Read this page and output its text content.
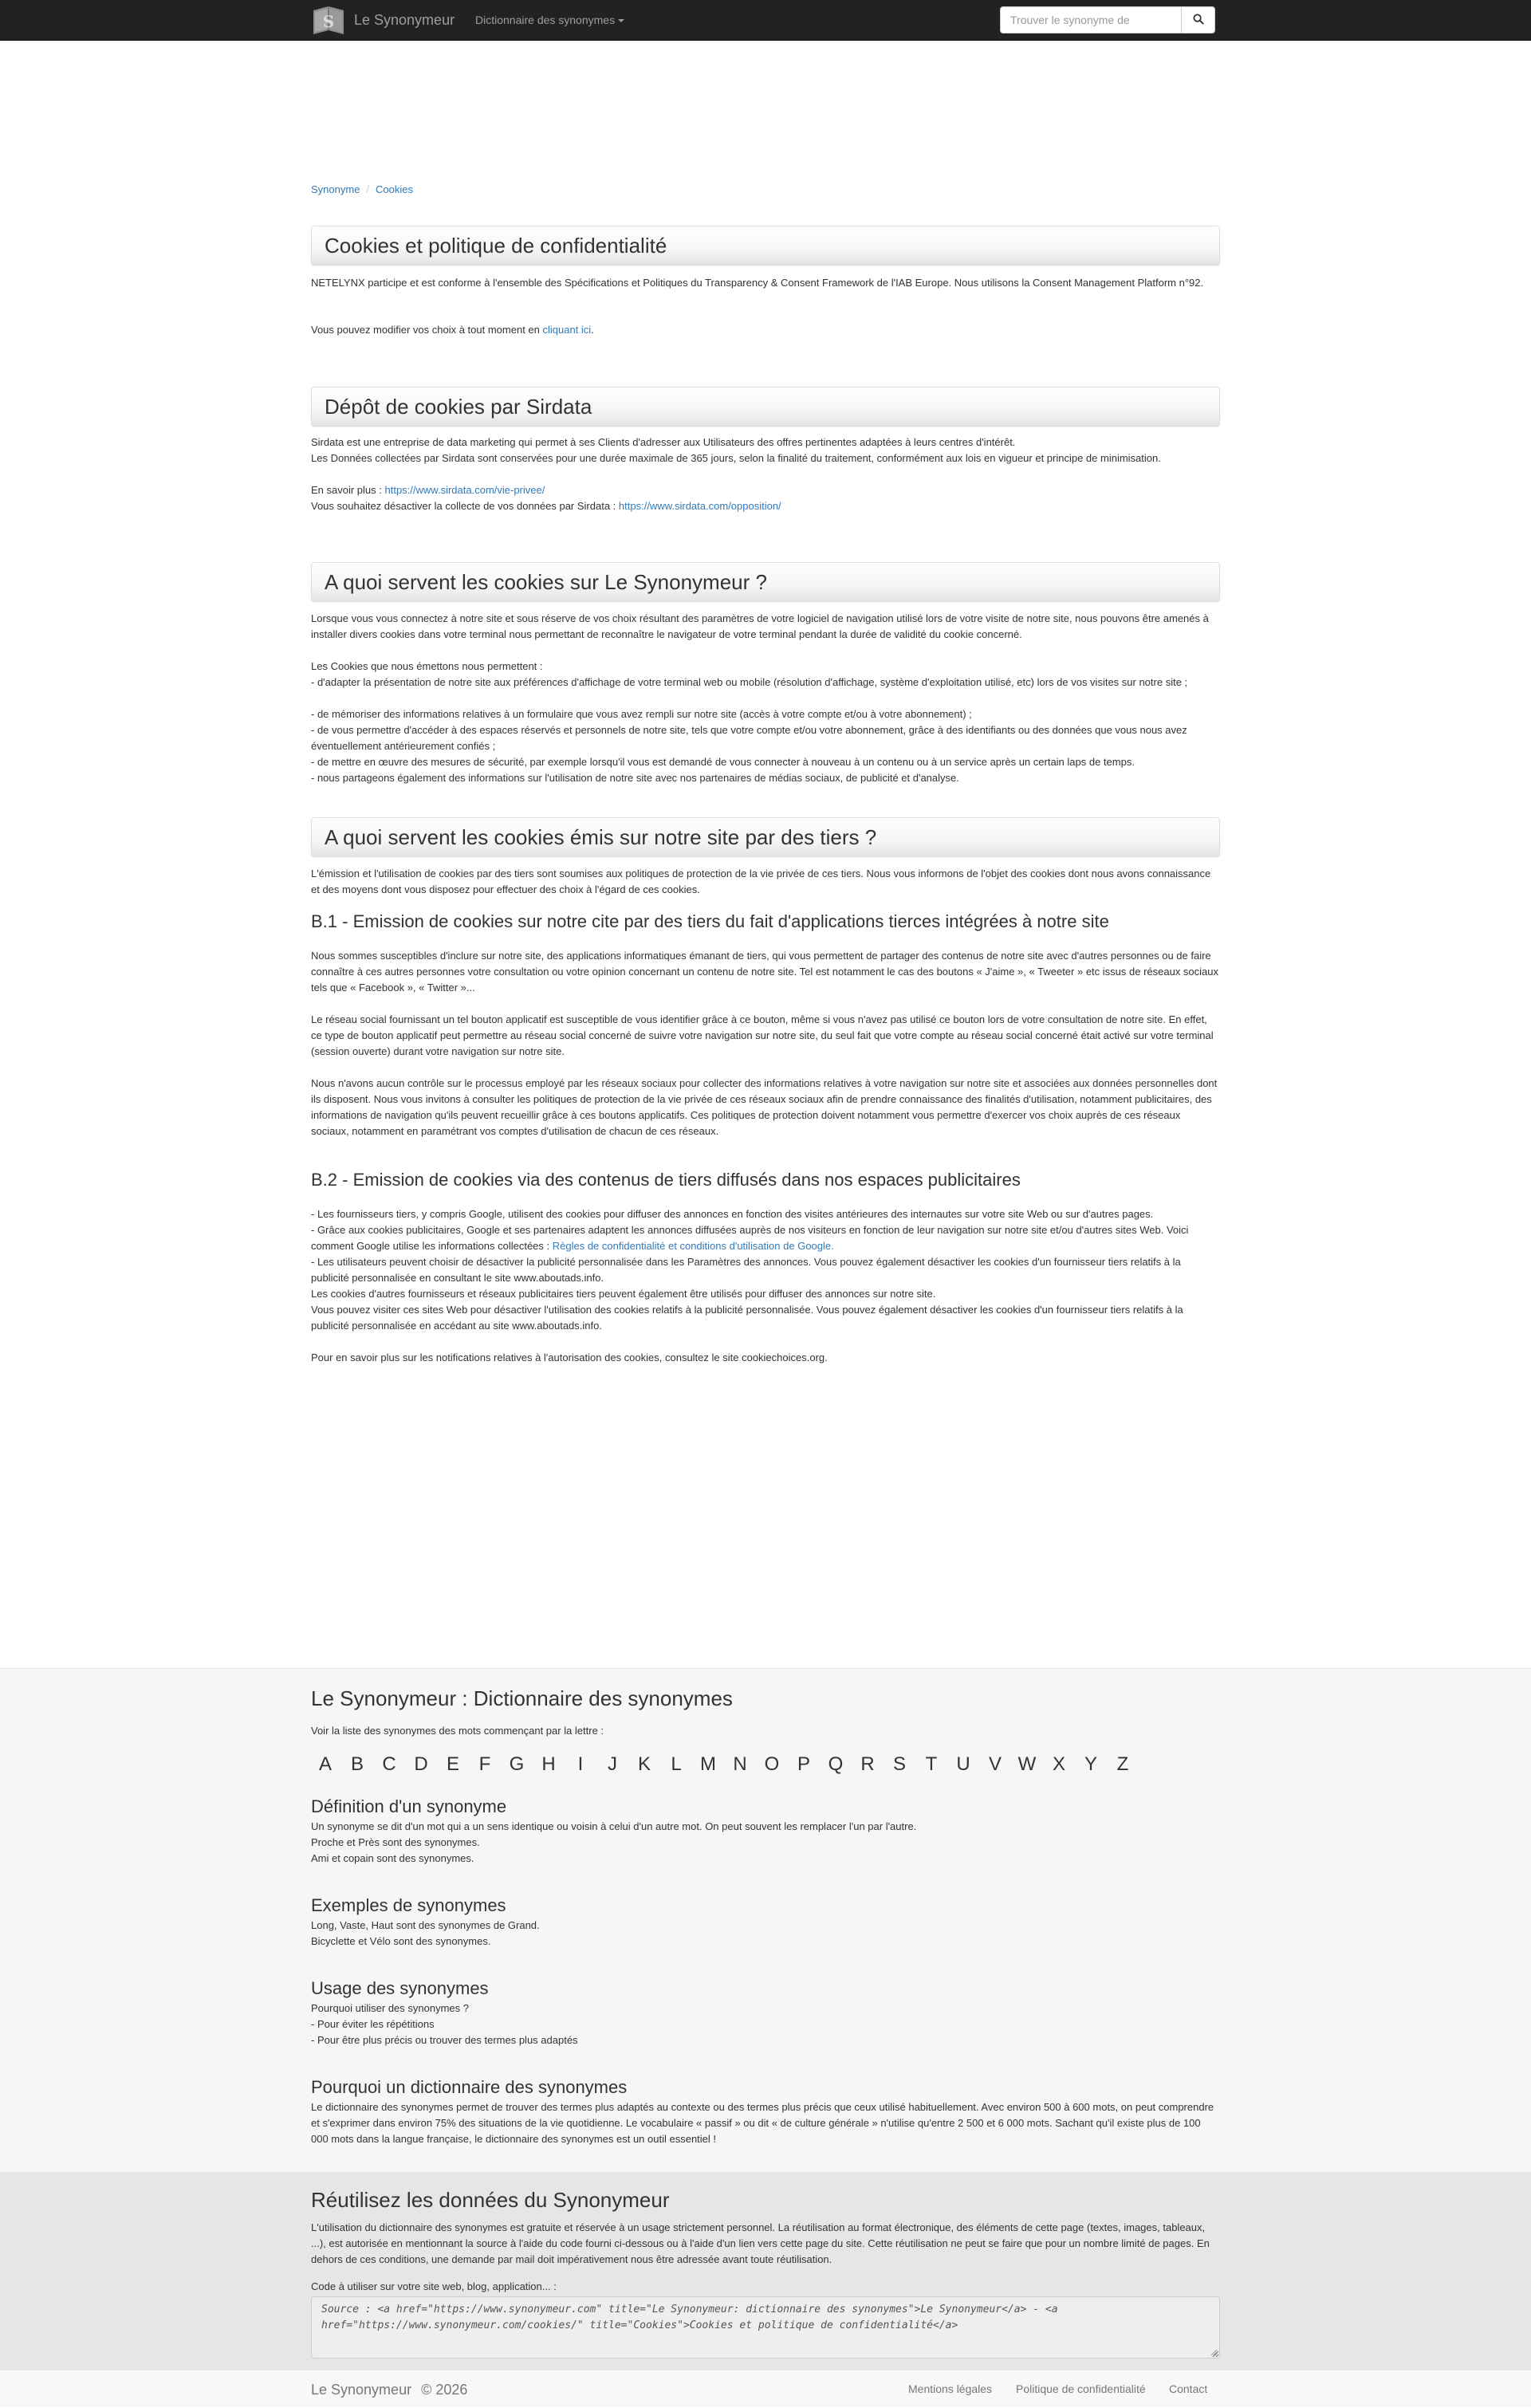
S Le Synonymeur Dictionnaire des synonymes
Trouver le synonyme de
Synonyme / Cookies
Cookies et politique de confidentialité

NETELYNX participe et est conforme à l'ensemble des Spécifications et Politiques du Transparency & Consent Framework de l'IAB Europe. Nous utilisons la Consent Management Platform n°92.

Vous pouvez modifier vos choix à tout moment en cliquant ici.

Dépôt de cookies par Sirdata

Sirdata est une entreprise de data marketing qui permet à ses Clients d'adresser aux Utilisateurs des offres pertinentes adaptées à leurs centres d'intérêt.

Les Données collectées par Sirdata sont conservées pour une durée maximale de 365 jours, selon la finalité du traitement, conformément aux lois en vigueur et principe de minimisation.

En savoir plus : https://www.sirdata.com/vie-privee/

Vous souhaitez désactiver la collecte de vos données par Sirdata : https://www.sirdata.com/opposition/

A quoi servent les cookies sur Le Synonymeur ?

Lorsque vous vous connectez à notre site et sous réserve de vos choix résultant des paramètres de votre logiciel de navigation utilisé lors de votre visite de notre site, nous pouvons être amenés à installer divers cookies dans votre terminal nous permettant de reconnaître le navigateur de votre terminal pendant la durée de validité du cookie concerné.

Les Cookies que nous émettons nous permettent :

- d'adapter la présentation de notre site aux préférences d'affichage de votre terminal web ou mobile (résolution d'affichage, système d'exploitation utilisé, etc) lors de vos visites sur notre site ;

- de mémoriser des informations relatives à un formulaire que vous avez rempli sur notre site (accès à votre compte et/ou à votre abonnement) ;

- de vous permettre d'accéder à des espaces réservés et personnels de notre site, tels que votre compte et/ou votre abonnement, grâce à des identifiants ou des données que vous nous avez éventuellement antérieurement confiés ;

- de mettre en œuvre des mesures de sécurité, par exemple lorsqu'il vous est demandé de vous connecter à nouveau à un contenu ou à un service après un certain laps de temps.

- nous partageons également des informations sur l'utilisation de notre site avec nos partenaires de médias sociaux, de publicité et d'analyse.

A quoi servent les cookies émis sur notre site par des tiers ?

L'émission et l'utilisation de cookies par des tiers sont soumises aux politiques de protection de la vie privée de ces tiers. Nous vous informons de l'objet des cookies dont nous avons connaissance et des moyens dont vous disposez pour effectuer des choix à l'égard de ces cookies.

B.1 - Emission de cookies sur notre cite par des tiers du fait d'applications tierces intégrées à notre site

Nous sommes susceptibles d'inclure sur notre site, des applications informatiques émanant de tiers, qui vous permettent de partager des contenus de notre site avec d'autres personnes ou de faire connaître à ces autres personnes votre consultation ou votre opinion concernant un contenu de notre site. Tel est notamment le cas des boutons « J'aime », « Tweeter » etc issus de réseaux sociaux tels que « Facebook », « Twitter »...

Le réseau social fournissant un tel bouton applicatif est susceptible de vous identifier grâce à ce bouton, même si vous n'avez pas utilisé ce bouton lors de votre consultation de notre site. En effet, ce type de bouton applicatif peut permettre au réseau social concerné de suivre votre navigation sur notre site, du seul fait que votre compte au réseau social concerné était activé sur votre terminal (session ouverte) durant votre navigation sur notre site.

Nous n'avons aucun contrôle sur le processus employé par les réseaux sociaux pour collecter des informations relatives à votre navigation sur notre site et associées aux données personnelles dont ils disposent. Nous vous invitons à consulter les politiques de protection de la vie privée de ces réseaux sociaux afin de prendre connaissance des finalités d'utilisation, notamment publicitaires, des informations de navigation qu'ils peuvent recueillir grâce à ces boutons applicatifs. Ces politiques de protection doivent notamment vous permettre d'exercer vos choix auprès de ces réseaux sociaux, notamment en paramétrant vos comptes d'utilisation de chacun de ces réseaux.

B.2 - Emission de cookies via des contenus de tiers diffusés dans nos espaces publicitaires

- Les fournisseurs tiers, y compris Google, utilisent des cookies pour diffuser des annonces en fonction des visites antérieures des internautes sur votre site Web ou sur d'autres pages.

- Grâce aux cookies publicitaires, Google et ses partenaires adaptent les annonces diffusées auprès de nos visiteurs en fonction de leur navigation sur notre site et/ou d'autres sites Web. Voici comment Google utilise les informations collectées : Règles de confidentialité et conditions d'utilisation de Google.

- Les utilisateurs peuvent choisir de désactiver la publicité personnalisée dans les Paramètres des annonces. Vous pouvez également désactiver les cookies d'un fournisseur tiers relatifs à la publicité personnalisée en consultant le site www.aboutads.info.

Les cookies d'autres fournisseurs et réseaux publicitaires tiers peuvent également être utilisés pour diffuser des annonces sur notre site.

Vous pouvez visiter ces sites Web pour désactiver l'utilisation des cookies relatifs à la publicité personnalisée. Vous pouvez également désactiver les cookies d'un fournisseur tiers relatifs à la publicité personnalisée en accédant au site www.aboutads.info.

Pour en savoir plus sur les notifications relatives à l'autorisation des cookies, consultez le site cookiechoices.org.

Le Synonymeur : Dictionnaire des synonymes
Voir la liste des synonymes des mots commençant par la lettre :
A B C D E	F G H	I	J	K	L M N O P Q R S	T	U V W X Y	Z
Définition d'un synonyme
Un synonyme se dit d'un mot qui a un sens identique ou voisin à celui d'un autre mot. On peut souvent les remplacer l'un par l'autre.
Proche et Près sont des synonymes.
Ami et copain sont des synonymes.
Exemples de synonymes
Long, Vaste, Haut sont des synonymes de Grand.
Bicyclette et Vélo sont des synonymes.
Usage des synonymes
Pourquoi utiliser des synonymes ?
- Pour éviter les répétitions
- Pour être plus précis ou trouver des termes plus adaptés
Pourquoi un dictionnaire des synonymes
Le dictionnaire des synonymes permet de trouver des termes plus adaptés au contexte ou des termes plus précis que ceux utilisé habituellement. Avec environ 500 à 600 mots, on peut comprendre et s'exprimer dans environ 75% des situations de la vie quotidienne. Le vocabulaire « passif » ou dit « de culture générale » n'utilise qu'entre 2 500 et 6 000 mots. Sachant qu'il existe plus de 100 000 mots dans la langue française, le dictionnaire des synonymes est un outil essentiel !
Réutilisez les données du Synonymeur
L'utilisation du dictionnaire des synonymes est gratuite et réservée à un usage strictement personnel. La réutilisation au format électronique, des éléments de cette page (textes, images, tableaux, ...), est autorisée en mentionnant la source à l'aide du code fourni ci-dessous ou à l'aide d'un lien vers cette page du site. Cette réutilisation ne peut se faire que pour un nombre limité de pages. En dehors de ces conditions, une demande par mail doit impérativement nous être adressée avant toute réutilisation.
Code à utiliser sur votre site web, blog, application... :
Source : <a href="https://www.synonymeur.com" title="Le Synonymeur: dictionnaire des synonymes">Le Synonymeur</a> - <a href="https://www.synonymeur.com/cookies/" title="Cookies">Cookies et politique de confidentialité</a>
Le Synonymeur © 2026	Mentions légales Politique de confidentialité Contact
